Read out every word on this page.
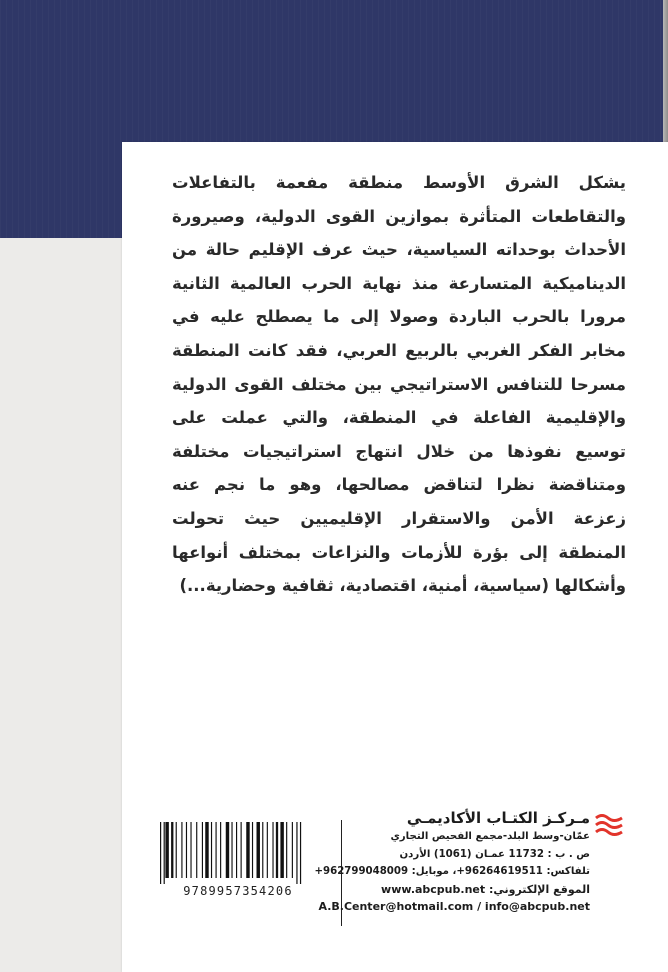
يشكل الشرق الأوسط منطقة مفعمة بالتفاعلات والتقاطعات المتأثرة بموازين القوى الدولية، وصيرورة الأحداث بوحداته السياسية، حيث عرف الإقليم حالة من الديناميكية المتسارعة منذ نهاية الحرب العالمية الثانية مرورا بالحرب الباردة وصولا إلى ما يصطلح عليه في مخابر الفكر الغربي بالربيع العربي، فقد كانت المنطقة مسرحا للتنافس الاستراتيجي بين مختلف القوى الدولية والإقليمية الفاعلة في المنطقة، والتي عملت على توسيع نفوذها من خلال انتهاج استراتيجيات مختلفة ومتناقضة نظرا لتناقض مصالحها، وهو ما نجم عنه زعزعة الأمن والاستقرار الإقليميين حيث تحولت المنطقة إلى بؤرة للأزمات والنزاعات بمختلف أنواعها وأشكالها (سياسية، أمنية، اقتصادية، ثقافية وحضارية...)
9789957354206
مـركـز الكتـاب الأكاديمـي
عمّان-وسط البلد-مجمع الفحيص التجاري
ص . ب : 11732 عمـان (1061) الأردن
تلفاكس: 96264619511+، موبايل: 962799048009+
الموقع الإلكتروني: www.abcpub.net
A.B.Center@hotmail.com / info@abcpub.net
